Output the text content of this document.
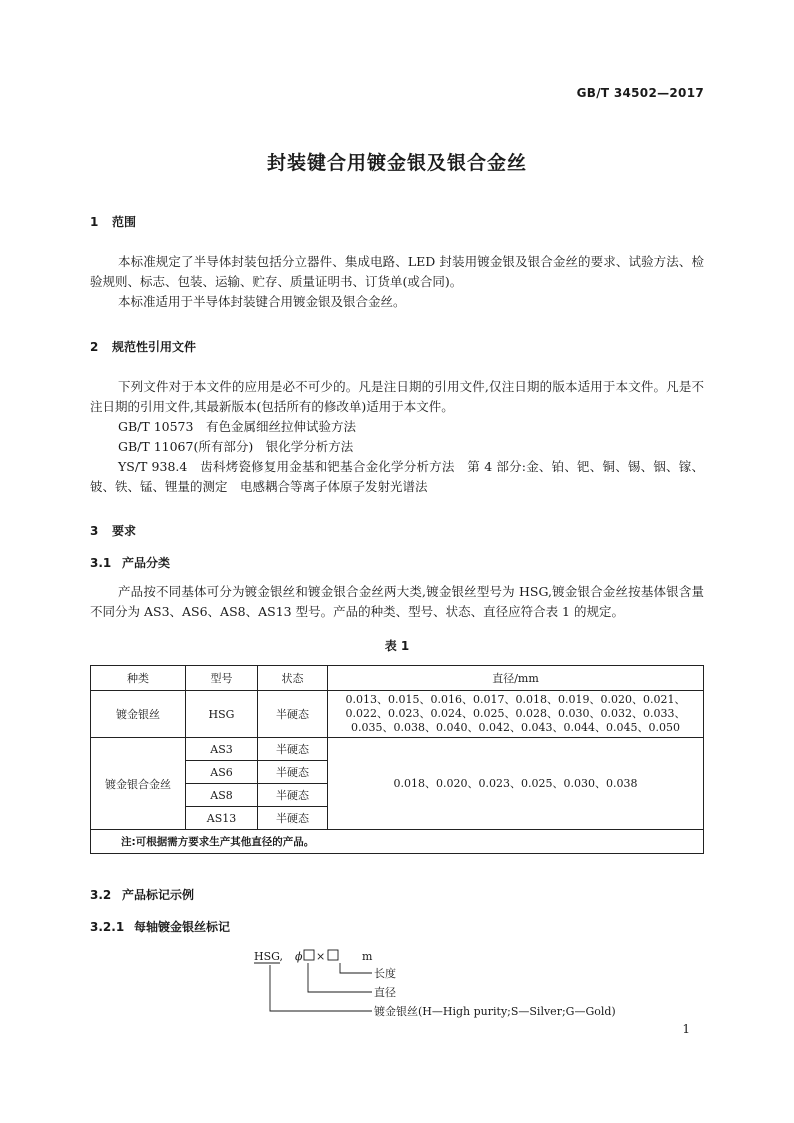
GB/T 34502—2017
封装键合用镀金银及银合金丝
1 范围
本标准规定了半导体封装包括分立器件、集成电路、LED 封装用镀金银及银合金丝的要求、试验方法、检验规则、标志、包装、运输、贮存、质量证明书、订货单(或合同)。
本标准适用于半导体封装键合用镀金银及银合金丝。
2 规范性引用文件
下列文件对于本文件的应用是必不可少的。凡是注日期的引用文件,仅注日期的版本适用于本文件。凡是不注日期的引用文件,其最新版本(包括所有的修改单)适用于本文件。
GB/T 10573　有色金属细丝拉伸试验方法
GB/T 11067(所有部分)　银化学分析方法
YS/T 938.4　齿科烤瓷修复用金基和钯基合金化学分析方法　第 4 部分:金、铂、钯、铜、锡、铟、镓、铍、铁、锰、锂量的测定　电感耦合等离子体原子发射光谱法
3 要求
3.1 产品分类
产品按不同基体可分为镀金银丝和镀金银合金丝两大类,镀金银丝型号为 HSG,镀金银合金丝按基体银含量不同分为 AS3、AS6、AS8、AS13 型号。产品的种类、型号、状态、直径应符合表 1 的规定。
表 1
种类	型号	状态	直径/mm
镀金银丝	HSG	半硬态	0.013、0.015、0.016、0.017、0.018、0.019、0.020、0.021、0.022、0.023、0.024、0.025、0.028、0.030、0.032、0.033、0.035、0.038、0.040、0.042、0.043、0.044、0.045、0.050
镀金银合金丝	AS3	半硬态	0.018、0.020、0.023、0.025、0.030、0.038
	AS6	半硬态	
	AS8	半硬态	
	AS13	半硬态	
注:可根据需方要求生产其他直径的产品。			
3.2 产品标记示例
3.2.1 每轴镀金银丝标记
HSG, ϕ ×	m
长度
直径
镀金银丝(H—High purity;S—Silver;G—Gold)
1
